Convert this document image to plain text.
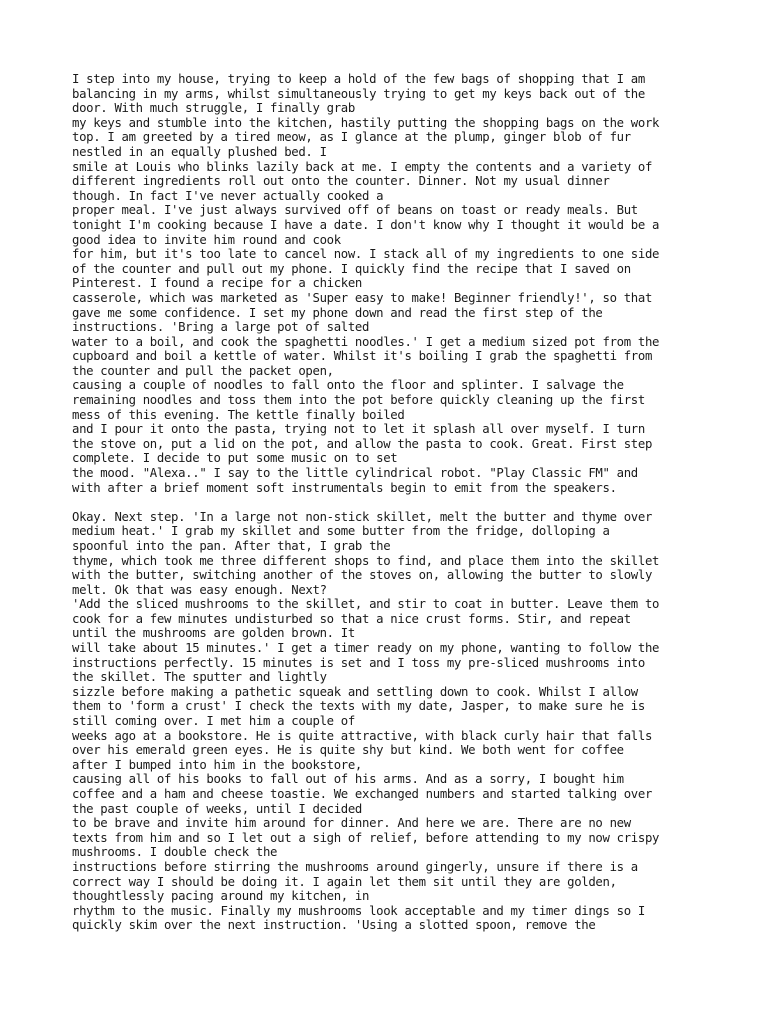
I step into my house, trying to keep a hold of the few bags of shopping that I am
balancing in my arms, whilst simultaneously trying to get my keys back out of the
door. With much struggle, I finally grab
my keys and stumble into the kitchen, hastily putting the shopping bags on the work
top. I am greeted by a tired meow, as I glance at the plump, ginger blob of fur
nestled in an equally plushed bed. I
smile at Louis who blinks lazily back at me. I empty the contents and a variety of
different ingredients roll out onto the counter. Dinner. Not my usual dinner
though. In fact I've never actually cooked a
proper meal. I've just always survived off of beans on toast or ready meals. But
tonight I'm cooking because I have a date. I don't know why I thought it would be a
good idea to invite him round and cook
for him, but it's too late to cancel now. I stack all of my ingredients to one side
of the counter and pull out my phone. I quickly find the recipe that I saved on
Pinterest. I found a recipe for a chicken
casserole, which was marketed as 'Super easy to make! Beginner friendly!', so that
gave me some confidence. I set my phone down and read the first step of the
instructions. 'Bring a large pot of salted
water to a boil, and cook the spaghetti noodles.' I get a medium sized pot from the
cupboard and boil a kettle of water. Whilst it's boiling I grab the spaghetti from
the counter and pull the packet open,
causing a couple of noodles to fall onto the floor and splinter. I salvage the
remaining noodles and toss them into the pot before quickly cleaning up the first
mess of this evening. The kettle finally boiled
and I pour it onto the pasta, trying not to let it splash all over myself. I turn
the stove on, put a lid on the pot, and allow the pasta to cook. Great. First step
complete. I decide to put some music on to set
the mood. "Alexa.." I say to the little cylindrical robot. "Play Classic FM" and
with after a brief moment soft instrumentals begin to emit from the speakers.
Okay. Next step. 'In a large not non-stick skillet, melt the butter and thyme over
medium heat.' I grab my skillet and some butter from the fridge, dolloping a
spoonful into the pan. After that, I grab the
thyme, which took me three different shops to find, and place them into the skillet
with the butter, switching another of the stoves on, allowing the butter to slowly
melt. Ok that was easy enough. Next?
'Add the sliced mushrooms to the skillet, and stir to coat in butter. Leave them to
cook for a few minutes undisturbed so that a nice crust forms. Stir, and repeat
until the mushrooms are golden brown. It
will take about 15 minutes.' I get a timer ready on my phone, wanting to follow the
instructions perfectly. 15 minutes is set and I toss my pre-sliced mushrooms into
the skillet. The sputter and lightly
sizzle before making a pathetic squeak and settling down to cook. Whilst I allow
them to 'form a crust' I check the texts with my date, Jasper, to make sure he is
still coming over. I met him a couple of
weeks ago at a bookstore. He is quite attractive, with black curly hair that falls
over his emerald green eyes. He is quite shy but kind. We both went for coffee
after I bumped into him in the bookstore,
causing all of his books to fall out of his arms. And as a sorry, I bought him
coffee and a ham and cheese toastie. We exchanged numbers and started talking over
the past couple of weeks, until I decided
to be brave and invite him around for dinner. And here we are. There are no new
texts from him and so I let out a sigh of relief, before attending to my now crispy
mushrooms. I double check the
instructions before stirring the mushrooms around gingerly, unsure if there is a
correct way I should be doing it. I again let them sit until they are golden,
thoughtlessly pacing around my kitchen, in
rhythm to the music. Finally my mushrooms look acceptable and my timer dings so I
quickly skim over the next instruction. 'Using a slotted spoon, remove the
